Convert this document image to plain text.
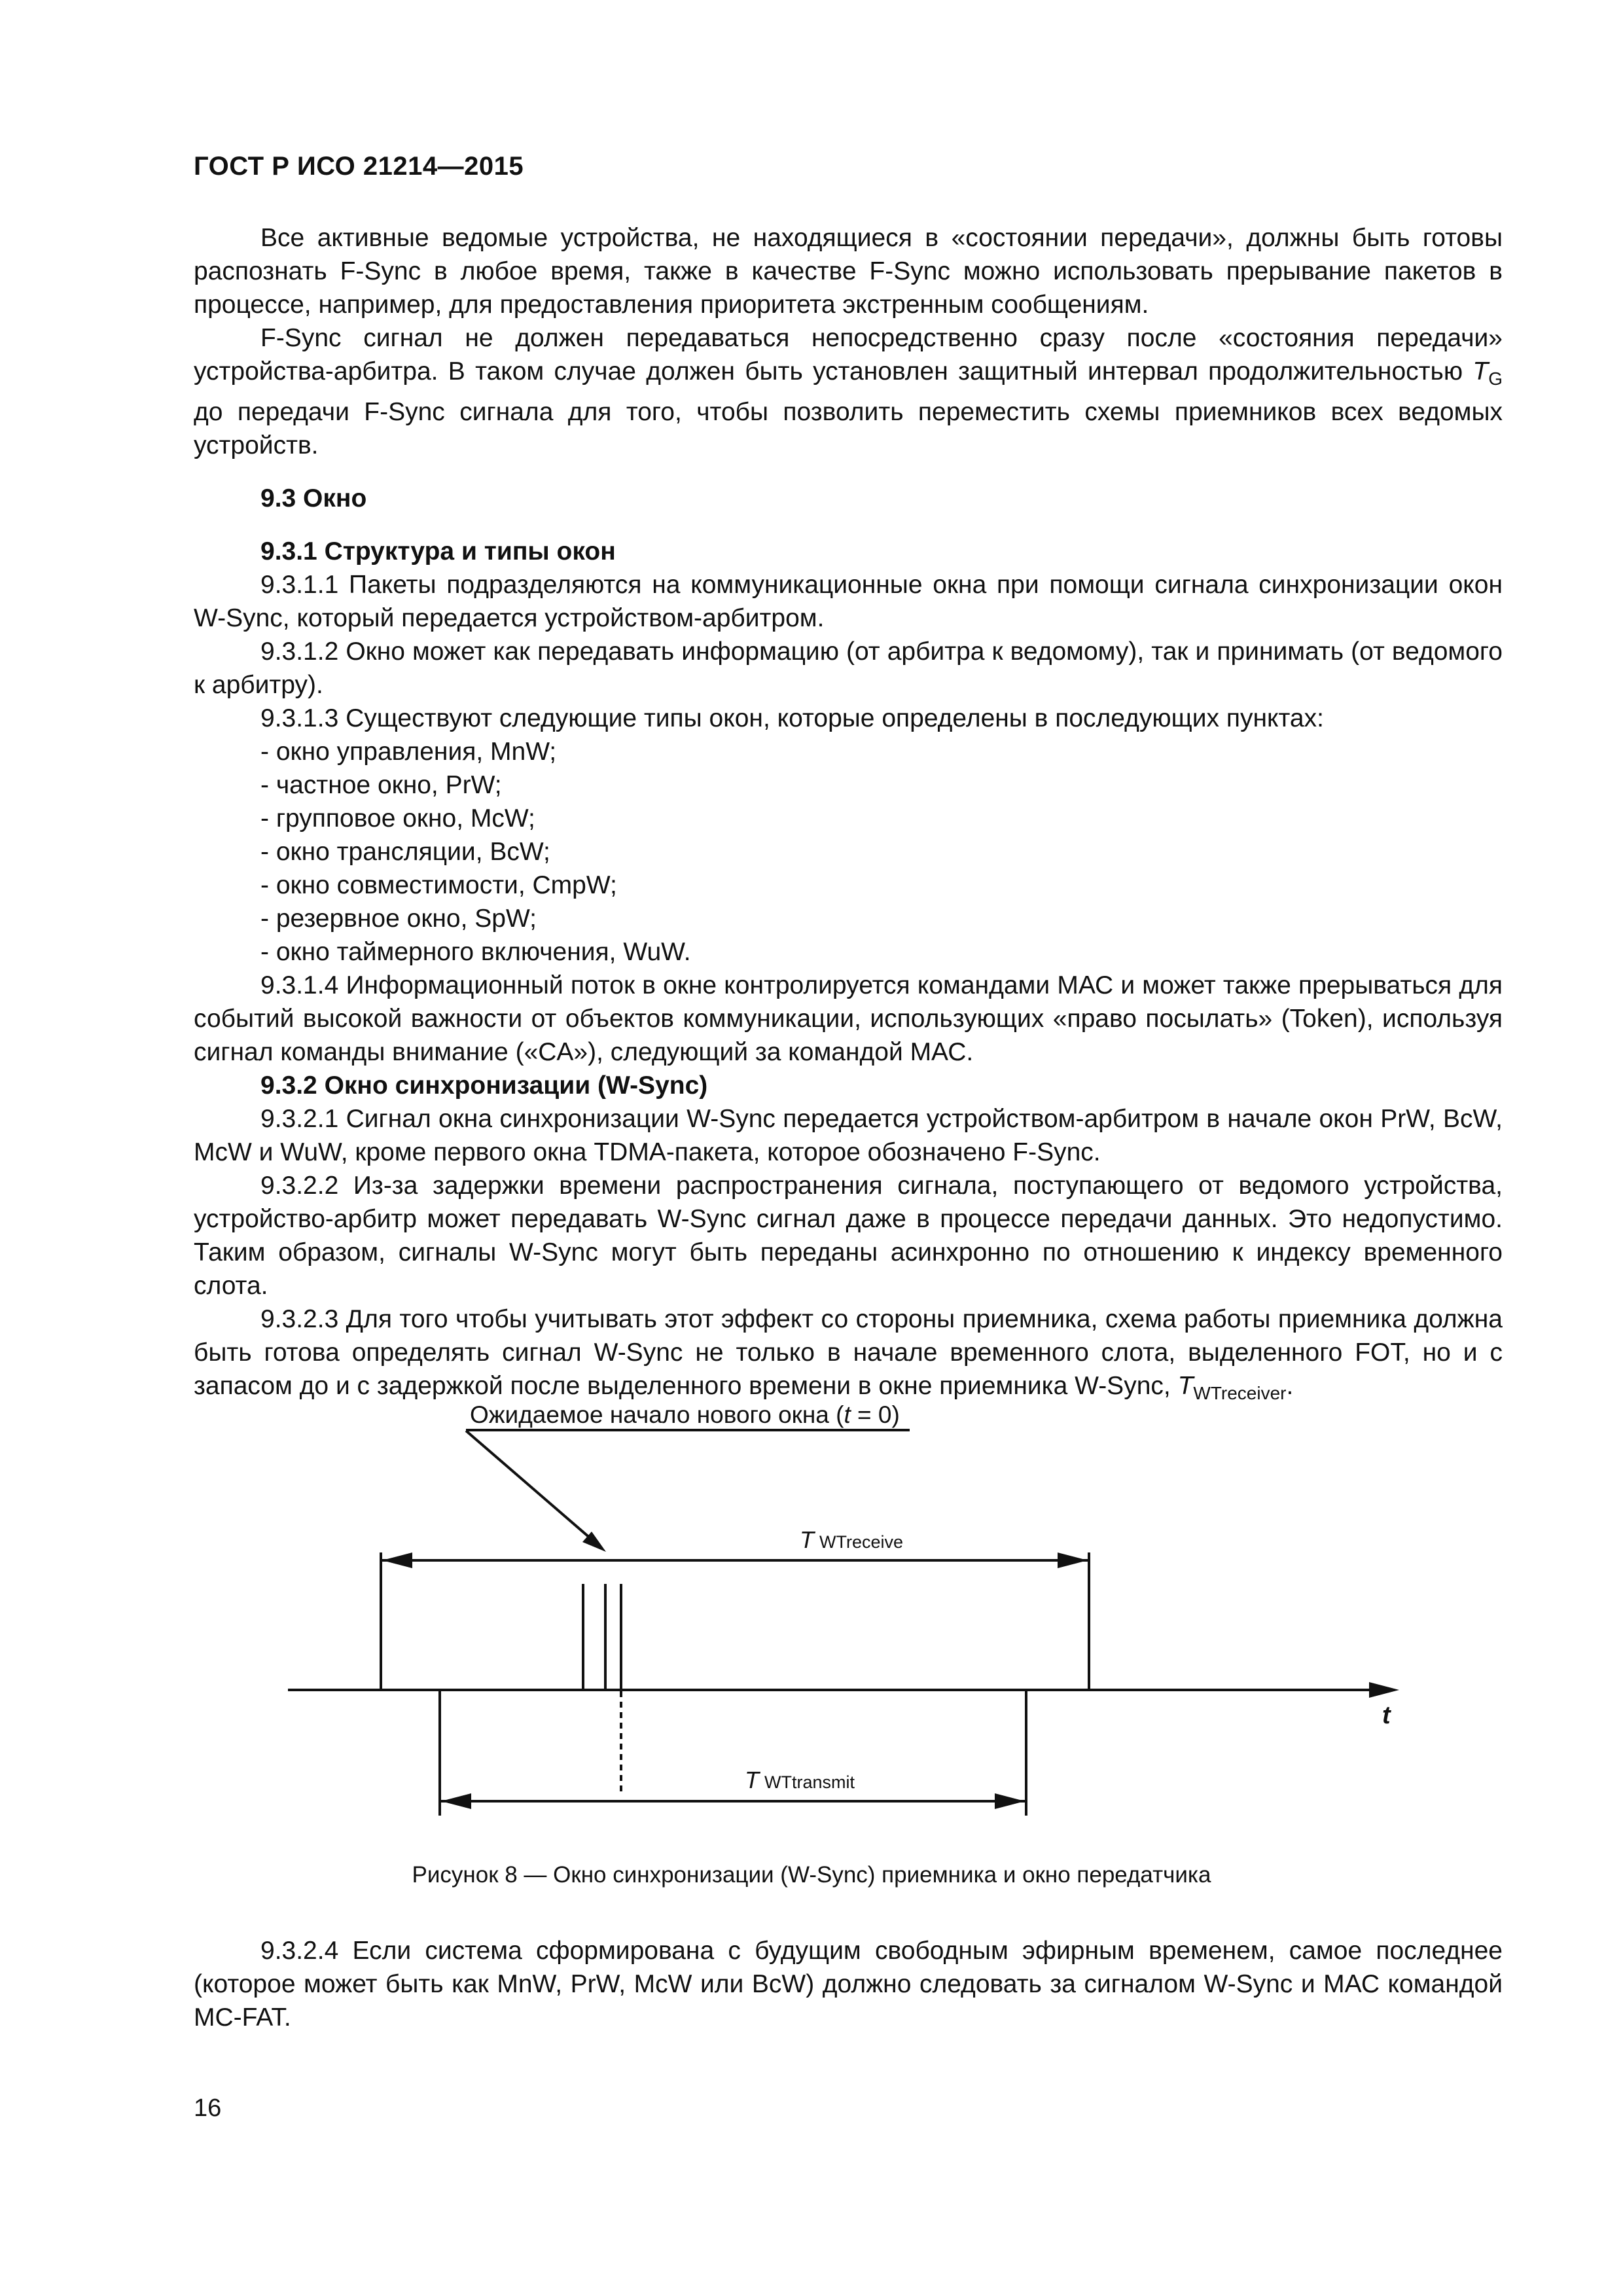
ГОСТ Р ИСО 21214—2015

Все активные ведомые устройства, не находящиеся в «состоянии передачи», должны быть готовы распознать F-Sync в любое время, также в качестве F-Sync можно использовать прерывание пакетов в процессе, например, для предоставления приоритета экстренным сообщениям.

F-Sync сигнал не должен передаваться непосредственно сразу после «состояния передачи» устройства-арбитра. В таком случае должен быть установлен защитный интервал продолжительностью $T_G$ до передачи F-Sync сигнала для того, чтобы позволить переместить схемы приемников всех ведомых устройств.

9.3 Окно
9.3.1 Структура и типы окон

9.3.1.1 Пакеты подразделяются на коммуникационные окна при помощи сигнала синхронизации окон W-Sync, который передается устройством-арбитром.

9.3.1.2 Окно может как передавать информацию (от арбитра к ведомому), так и принимать (от ведомого к арбитру).

9.3.1.3 Существуют следующие типы окон, которые определены в последующих пунктах:

- окно управления, MnW;

- частное окно, PrW;

- групповое окно, McW;

- окно трансляции, BcW;

- окно совместимости, CmpW;

- резервное окно, SpW;

- окно таймерного включения, WuW.

9.3.1.4 Информационный поток в окне контролируется командами МАС и может также прерываться для событий высокой важности от объектов коммуникации, использующих «право посылать» (Token), используя сигнал команды внимание («CA»), следующий за командой МАС.

9.3.2 Окно синхронизации (W-Sync)

9.3.2.1 Сигнал окна синхронизации W-Sync передается устройством-арбитром в начале окон PrW, BcW, McW и WuW, кроме первого окна TDMA-пакета, которое обозначено F-Sync.

9.3.2.2 Из-за задержки времени распространения сигнала, поступающего от ведомого устройства, устройство-арбитр может передавать W-Sync сигнал даже в процессе передачи данных. Это недопустимо. Таким образом, сигналы W-Sync могут быть переданы асинхронно по отношению к индексу временного слота.

9.3.2.3 Для того чтобы учитывать этот эффект со стороны приемника, схема работы приемника должна быть готова определять сигнал W-Sync не только в начале временного слота, выделенного FOT, но и с запасом до и с задержкой после выделенного времени в окне приемника W-Sync, $T_{WTreceiver}$.

Ожидаемое начало нового окна (t = 0)
T WTreceive
t
T WTtransmit
Рисунок 8 — Окно синхронизации (W-Sync) приемника и окно передатчика

9.3.2.4 Если система сформирована с будущим свободным эфирным временем, самое последнее (которое может быть как MnW, PrW, McW или BcW) должно следовать за сигналом W-Sync и МАС командой MC-FAT.

16
